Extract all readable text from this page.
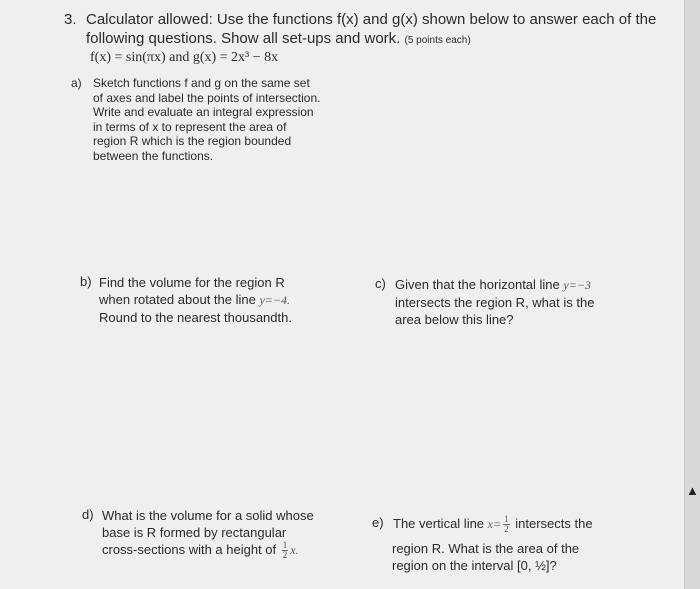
3. Calculator allowed: Use the functions f(x) and g(x) shown below to answer each of the
following questions. Show all set-ups and work. (5 points each)
f(x) = sin(πx) and g(x) = 2x³ − 8x
a) Sketch functions f and g on the same set
of axes and label the points of intersection.
Write and evaluate an integral expression
in terms of x to represent the area of
region R which is the region bounded
between the functions.
b) Find the volume for the region R
when rotated about the line y=−4.
Round to the nearest thousandth.
c) Given that the horizontal line y=−3
intersects the region R, what is the
area below this line?
d) What is the volume for a solid whose
base is R formed by rectangular
cross-sections with a height of $\frac{1}{2} x$.
e) The vertical line $x= \frac{1}{2}$ intersects the
region R. What is the area of the
region on the interval [0, ½]?
▲
